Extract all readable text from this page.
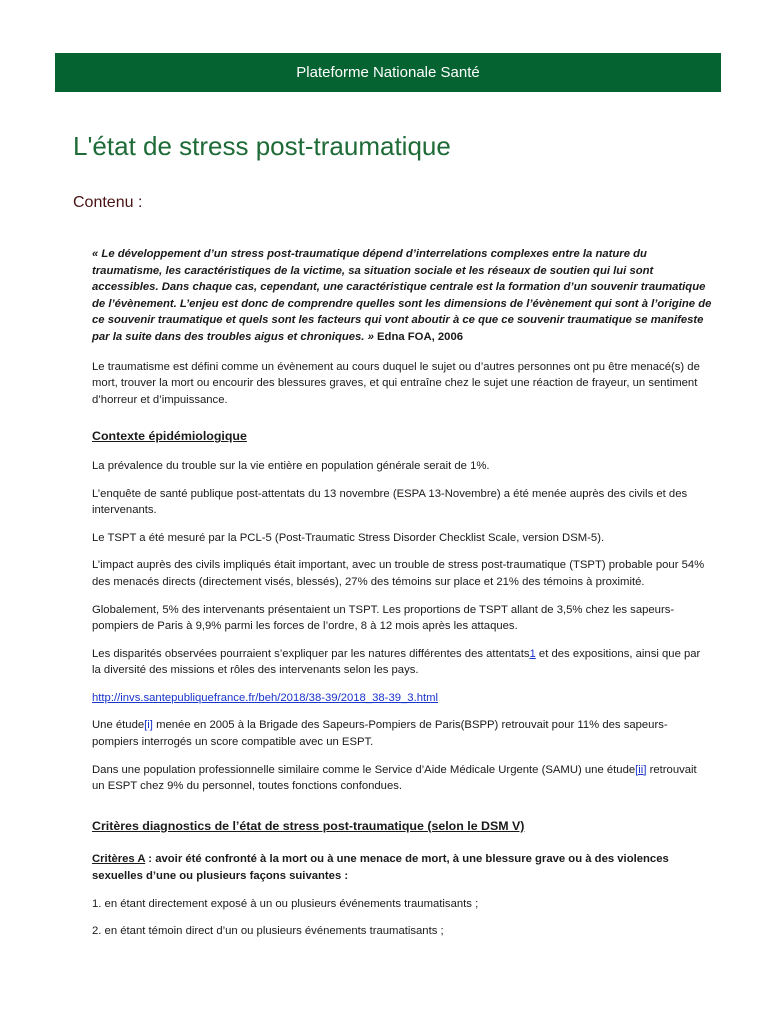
Plateforme Nationale Santé
L'état de stress post-traumatique
Contenu :

« Le développement d’un stress post-traumatique dépend d’interrelations complexes entre la nature du traumatisme, les caractéristiques de la victime, sa situation sociale et les réseaux de soutien qui lui sont accessibles. Dans chaque cas, cependant, une caractéristique centrale est la formation d’un souvenir traumatique de l’évènement. L’enjeu est donc de comprendre quelles sont les dimensions de l’évènement qui sont à l’origine de ce souvenir traumatique et quels sont les facteurs qui vont aboutir à ce que ce souvenir traumatique se manifeste par la suite dans des troubles aigus et chroniques. » Edna FOA, 2006

Le traumatisme est défini comme un évènement au cours duquel le sujet ou d’autres personnes ont pu être menacé(s) de mort, trouver la mort ou encourir des blessures graves, et qui entraîne chez le sujet une réaction de frayeur, un sentiment d’horreur et d’impuissance.

Contexte épidémiologique

La prévalence du trouble sur la vie entière en population générale serait de 1%.

L’enquête de santé publique post-attentats du 13 novembre (ESPA 13-Novembre) a été menée auprès des civils et des intervenants.

Le TSPT a été mesuré par la PCL-5 (Post-Traumatic Stress Disorder Checklist Scale, version DSM-5).

L’impact auprès des civils impliqués était important, avec un trouble de stress post-traumatique (TSPT) probable pour 54% des menacés directs (directement visés, blessés), 27% des témoins sur place et 21% des témoins à proximité.

Globalement, 5% des intervenants présentaient un TSPT. Les proportions de TSPT allant de 3,5% chez les sapeurs-pompiers de Paris à 9,9% parmi les forces de l’ordre, 8 à 12 mois après les attaques.

Les disparités observées pourraient s’expliquer par les natures différentes des attentats1 et des expositions, ainsi que par la diversité des missions et rôles des intervenants selon les pays.

http://invs.santepubliquefrance.fr/beh/2018/38-39/2018_38-39_3.html

Une étude[i] menée en 2005 à la Brigade des Sapeurs-Pompiers de Paris(BSPP) retrouvait pour 11% des sapeurs-pompiers interrogés un score compatible avec un ESPT.

Dans une population professionnelle similaire comme le Service d’Aide Médicale Urgente (SAMU) une étude[ii] retrouvait un ESPT chez 9% du personnel, toutes fonctions confondues.

Critères diagnostics de l’état de stress post-traumatique (selon le DSM V)

Critères A : avoir été confronté à la mort ou à une menace de mort, à une blessure grave ou à des violences sexuelles d’une ou plusieurs façons suivantes :

1. en étant directement exposé à un ou plusieurs événements traumatisants ;

2. en étant témoin direct d’un ou plusieurs événements traumatisants ;
